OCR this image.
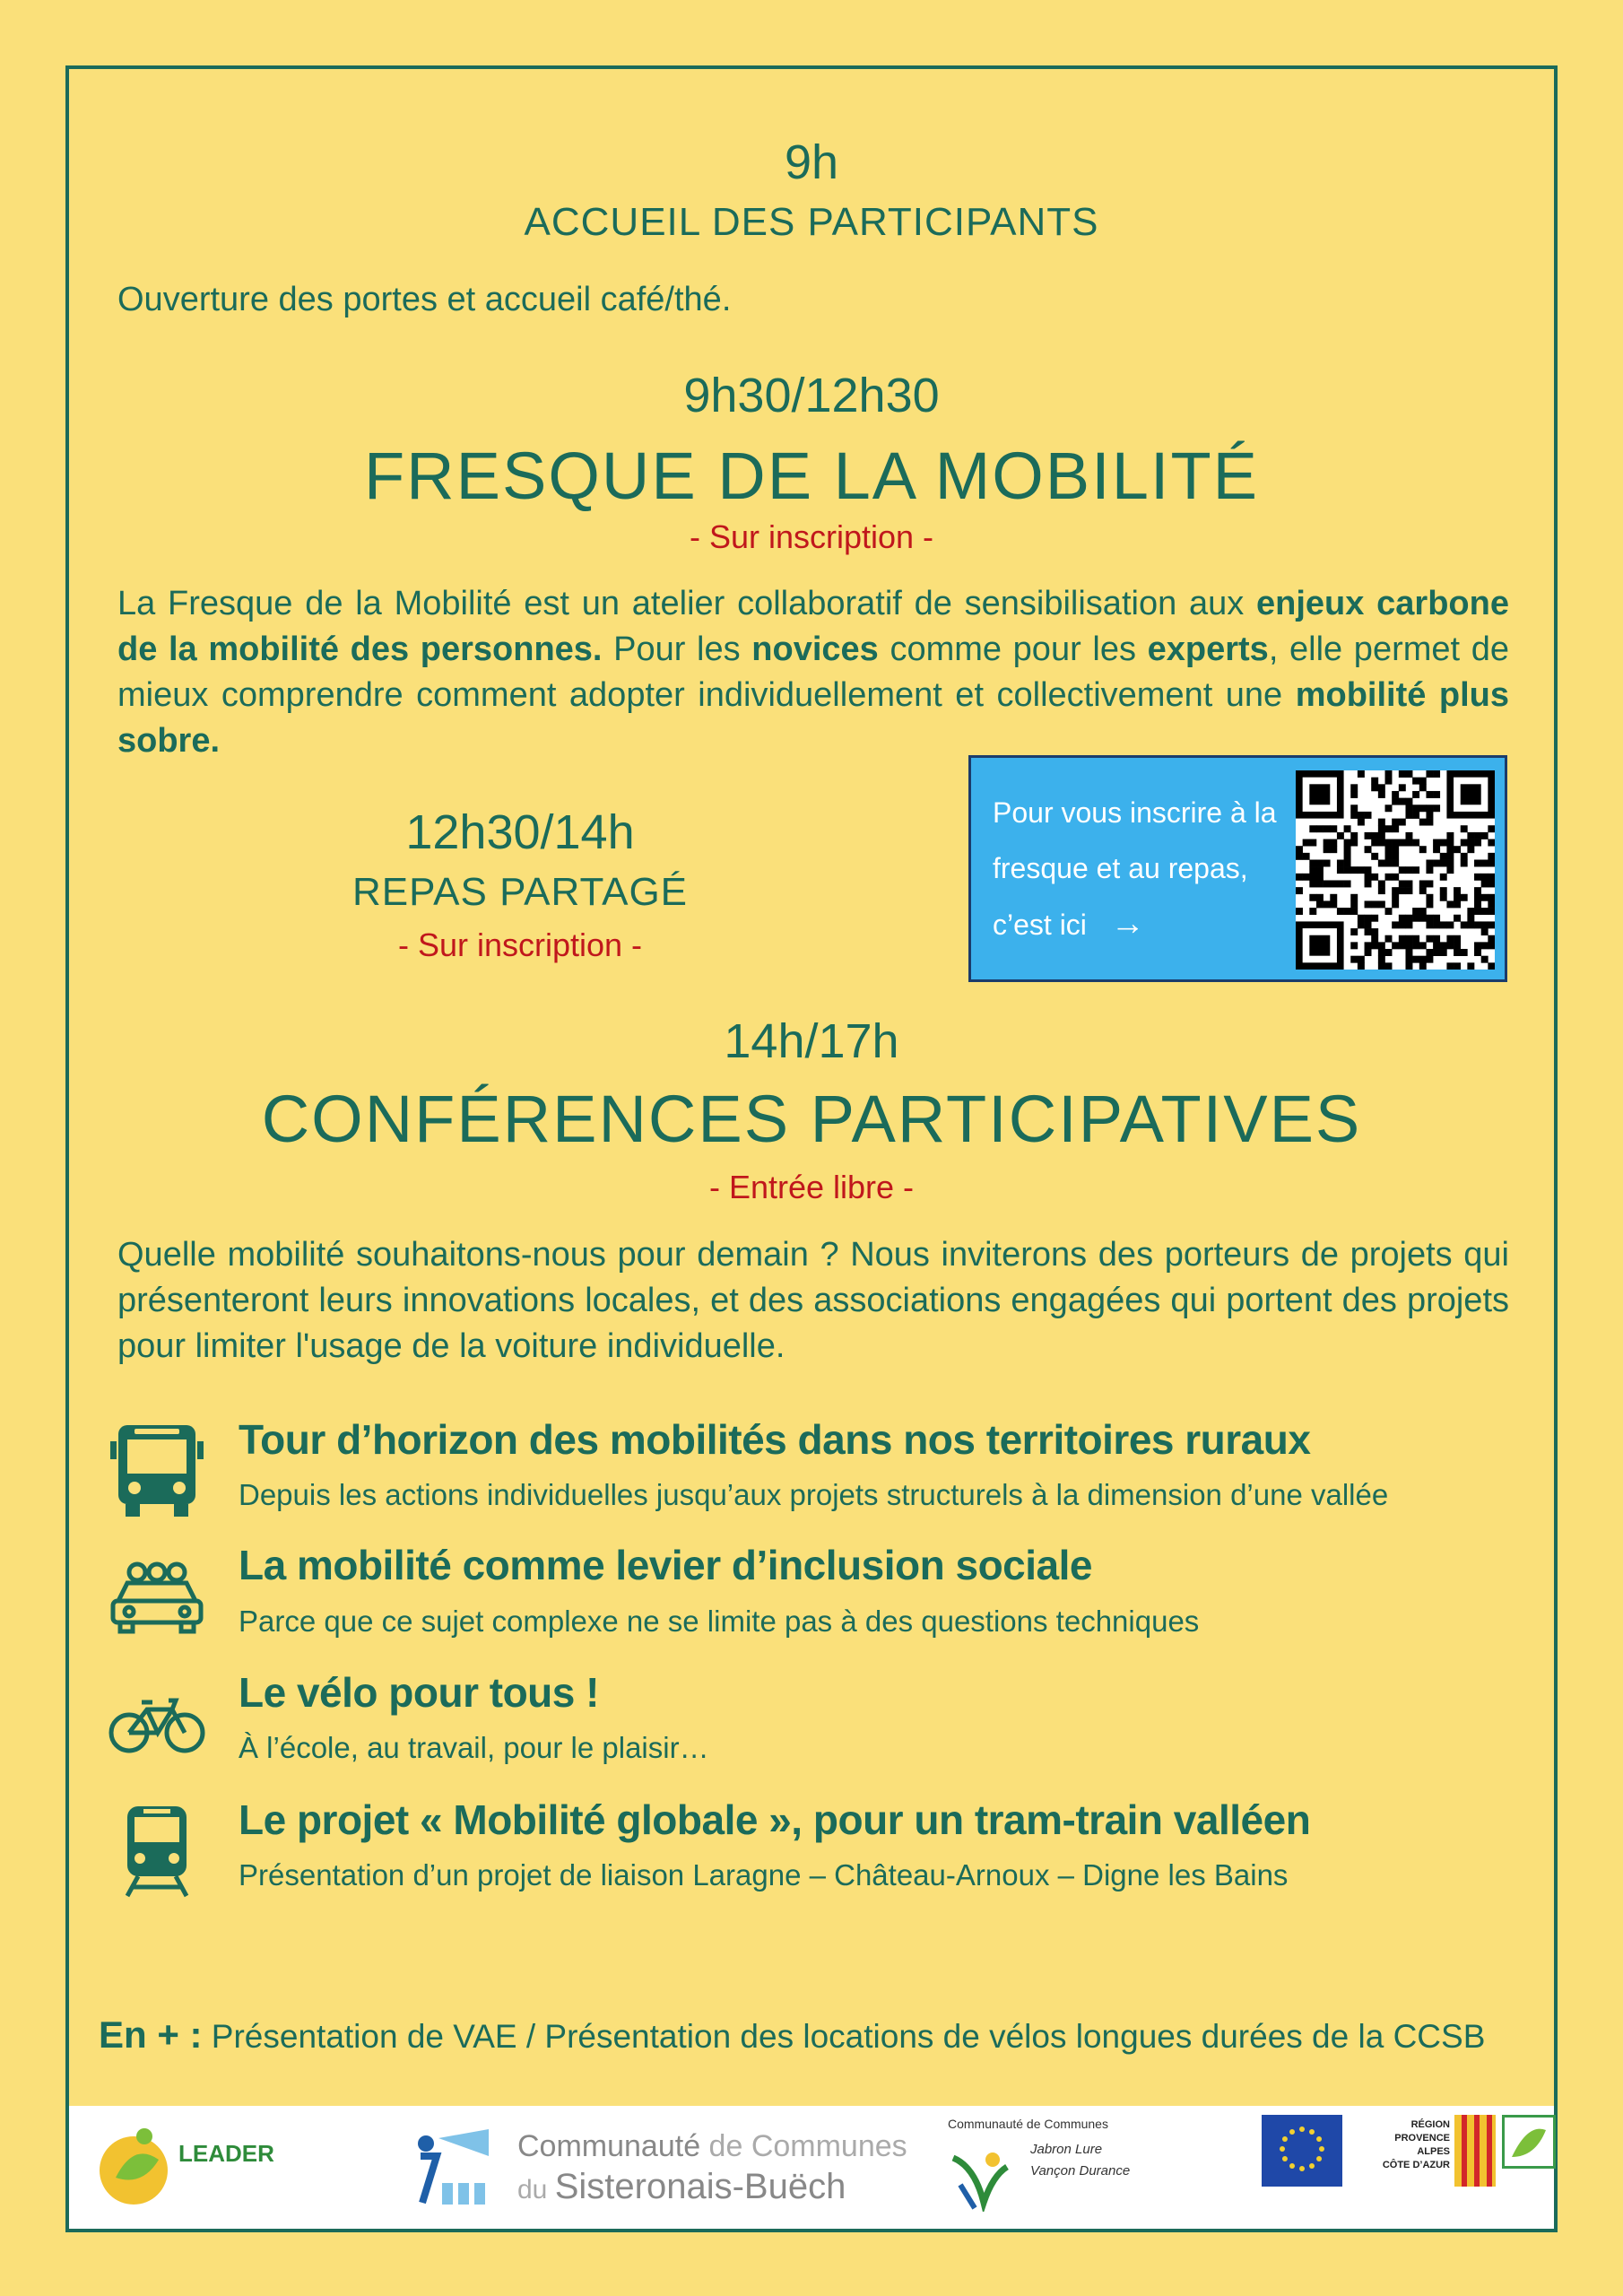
9h
ACCUEIL DES PARTICIPANTS
Ouverture des portes et accueil café/thé.
9h30/12h30
FRESQUE DE LA MOBILITÉ
- Sur inscription -
La Fresque de la Mobilité est un atelier collaboratif de sensibilisation aux enjeux carbone de la mobilité des personnes. Pour les novices comme pour les experts, elle permet de mieux comprendre comment adopter individuellement et collectivement une mobilité plus sobre.
12h30/14h
REPAS PARTAGÉ
- Sur inscription -
Pour vous inscrire à la
fresque et au repas,
c’est ici →
14h/17h
CONFÉRENCES PARTICIPATIVES
- Entrée libre -
Quelle mobilité souhaitons-nous pour demain ? Nous inviterons des porteurs de projets qui présenteront leurs innovations locales, et des associations engagées qui portent des projets pour limiter l'usage de la voiture individuelle.
Tour d’horizon des mobilités dans nos territoires ruraux
Depuis les actions individuelles jusqu’aux projets structurels à la dimension d’une vallée
La mobilité comme levier d’inclusion sociale
Parce que ce sujet complexe ne se limite pas à des questions techniques
Le vélo pour tous !
À l’école, au travail, pour le plaisir…
Le projet « Mobilité globale », pour un tram-train valléen
Présentation d’un projet de liaison Laragne – Château-Arnoux – Digne les Bains
En + : Présentation de VAE / Présentation des locations de vélos longues durées de la CCSB
LEADER	Communauté de Communes
du Sisteronais-Buëch
Communauté de Communes
Jabron Lure
Vançon Durance
RÉGION
PROVENCE
ALPES
CÔTE D’AZUR
